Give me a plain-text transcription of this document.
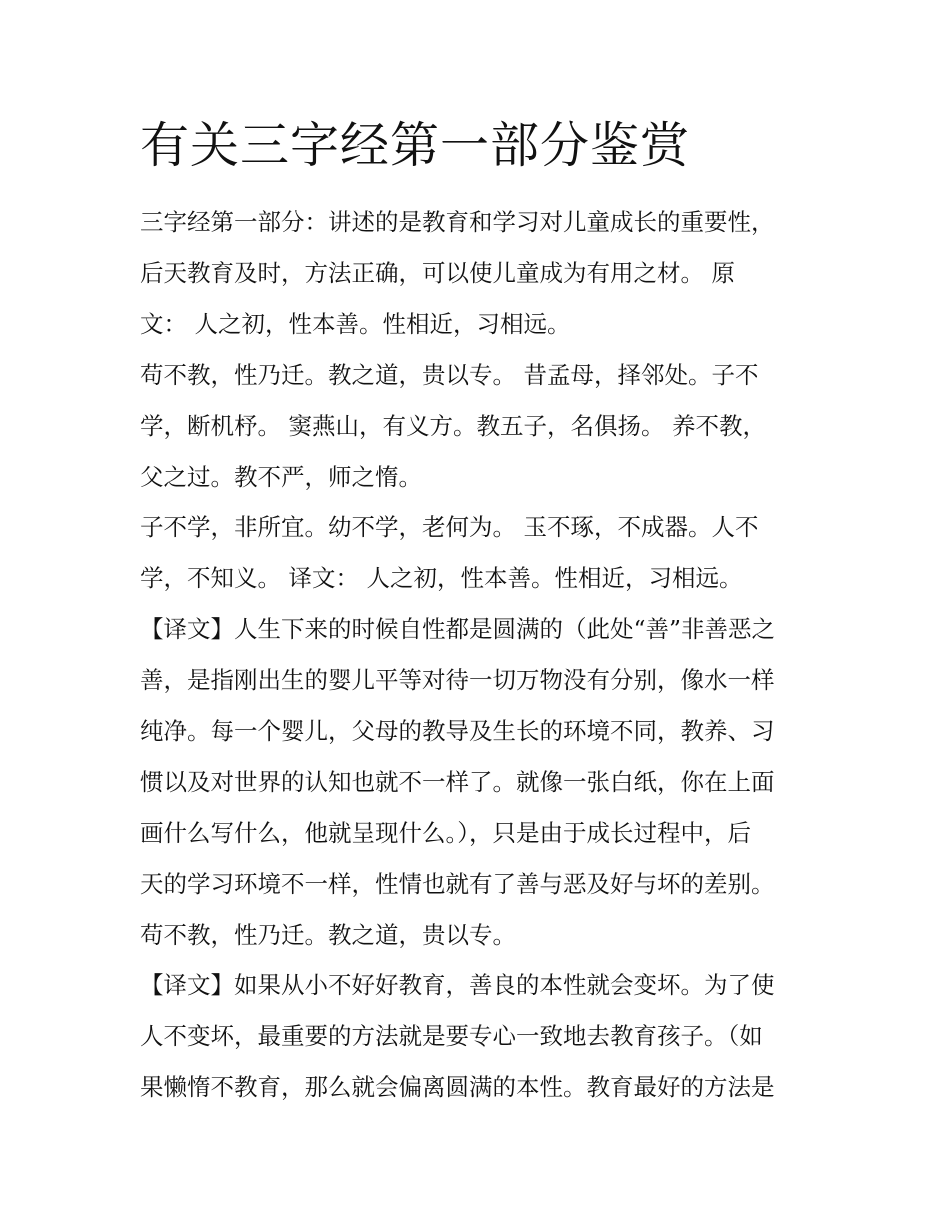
有关三字经第一部分鉴赏

三字经第一部分：讲述的是教育和学习对儿童成长的重要性，

后天教育及时，方法正确，可以使儿童成为有用之材。 原

文： 人之初，性本善。性相近，习相远。

苟不教，性乃迁。教之道，贵以专。 昔孟母，择邻处。子不

学，断机杼。 窦燕山，有义方。教五子，名俱扬。 养不教，

父之过。教不严，师之惰。

子不学，非所宜。幼不学，老何为。 玉不琢，不成器。人不

学，不知义。 译文： 人之初，性本善。性相近，习相远。

【译文】人生下来的时候自性都是圆满的（此处“善”非善恶之

善，是指刚出生的婴儿平等对待一切万物没有分别，像水一样

纯净。每一个婴儿，父母的教导及生长的环境不同，教养、习

惯以及对世界的认知也就不一样了。就像一张白纸，你在上面

画什么写什么，他就呈现什么。），只是由于成长过程中，后

天的学习环境不一样，性情也就有了善与恶及好与坏的差别。

苟不教，性乃迁。教之道，贵以专。

【译文】如果从小不好好教育，善良的本性就会变坏。为了使

人不变坏，最重要的方法就是要专心一致地去教育孩子。（如

果懒惰不教育，那么就会偏离圆满的本性。教育最好的方法是
